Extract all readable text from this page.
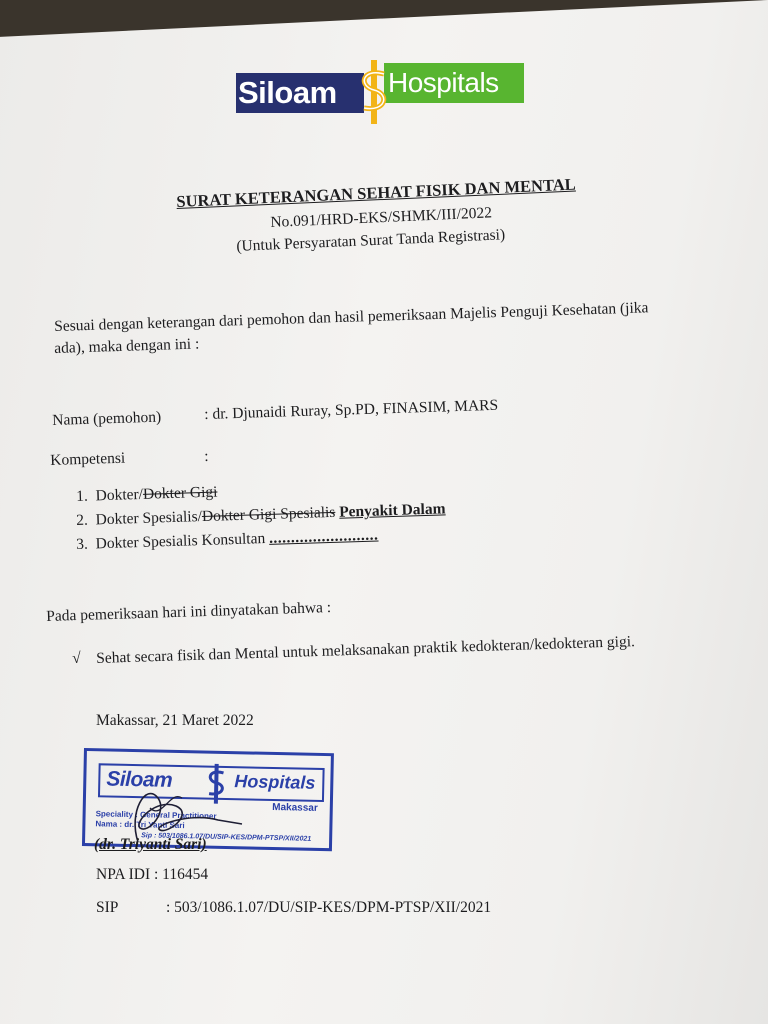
Siloam	Hospitals
SURAT KETERANGAN SEHAT FISIK DAN MENTAL
No.091/HRD-EKS/SHMK/III/2022
(Untuk Persyaratan Surat Tanda Registrasi)
Sesuai dengan keterangan dari pemohon dan hasil pemeriksaan Majelis Penguji Kesehatan (jika
ada), maka dengan ini :
Nama (pemohon)	: dr. Djunaidi Ruray, Sp.PD, FINASIM, MARS
Kompetensi	:
1. Dokter/Dokter Gigi
2. Dokter Spesialis/Dokter Gigi Spesialis Penyakit Dalam
3. Dokter Spesialis Konsultan .........................
Pada pemeriksaan hari ini dinyatakan bahwa :
√ Sehat secara fisik dan Mental untuk melaksanakan praktik kedokteran/kedokteran gigi.
Makassar, 21 Maret 2022
Siloam	Hospitals
Makassar
Speciality : General Practitioner
Nama : dr. Tri Yanti Sari
Sip : 503/1086.1.07/DU/SIP-KES/DPM-PTSP/XII/2021
(dr. Triyanti Sari)
NPA IDI : 116454
SIP	: 503/1086.1.07/DU/SIP-KES/DPM-PTSP/XII/2021
